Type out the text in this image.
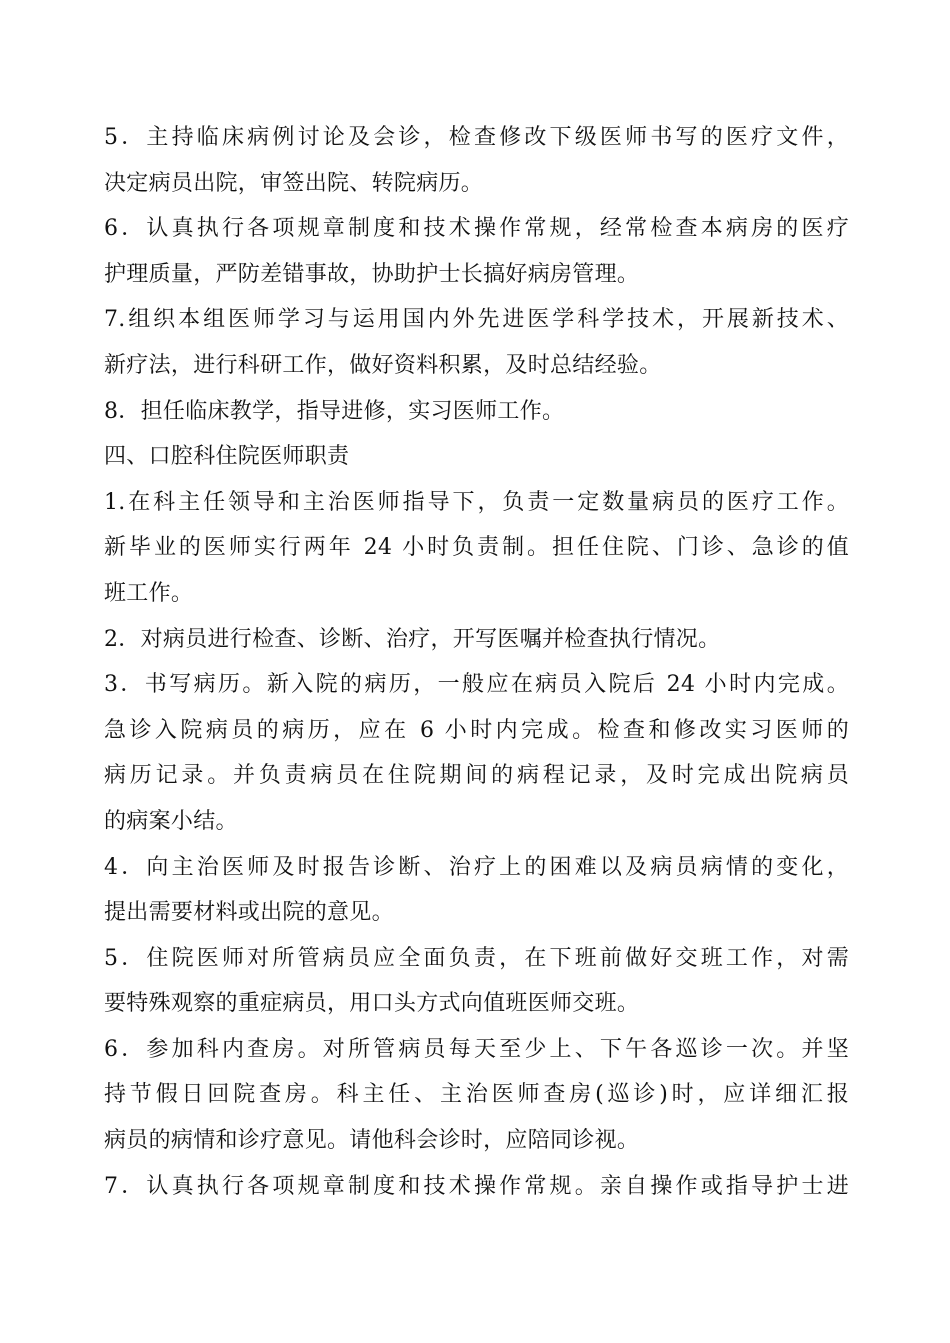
5．主持临床病例讨论及会诊，检查修改下级医师书写的医疗文件，
决定病员出院，审签出院、转院病历。
6．认真执行各项规章制度和技术操作常规，经常检查本病房的医疗
护理质量，严防差错事故，协助护士长搞好病房管理。
7.组织本组医师学习与运用国内外先进医学科学技术，开展新技术、
新疗法，进行科研工作，做好资料积累，及时总结经验。
8．担任临床教学，指导进修，实习医师工作。
四、口腔科住院医师职责
1.在科主任领导和主治医师指导下，负责一定数量病员的医疗工作。
新毕业的医师实行两年 24 小时负责制。担任住院、门诊、急诊的值
班工作。
2．对病员进行检查、诊断、治疗，开写医嘱并检查执行情况。
3．书写病历。新入院的病历，一般应在病员入院后 24 小时内完成。
急诊入院病员的病历，应在 6 小时内完成。检查和修改实习医师的
病历记录。并负责病员在住院期间的病程记录，及时完成出院病员
的病案小结。
4．向主治医师及时报告诊断、治疗上的困难以及病员病情的变化，
提出需要材料或出院的意见。
5．住院医师对所管病员应全面负责，在下班前做好交班工作，对需
要特殊观察的重症病员，用口头方式向值班医师交班。
6．参加科内查房。对所管病员每天至少上、下午各巡诊一次。并坚
持节假日回院查房。科主任、主治医师查房(巡诊)时，应详细汇报
病员的病情和诊疗意见。请他科会诊时，应陪同诊视。
7．认真执行各项规章制度和技术操作常规。亲自操作或指导护士进
